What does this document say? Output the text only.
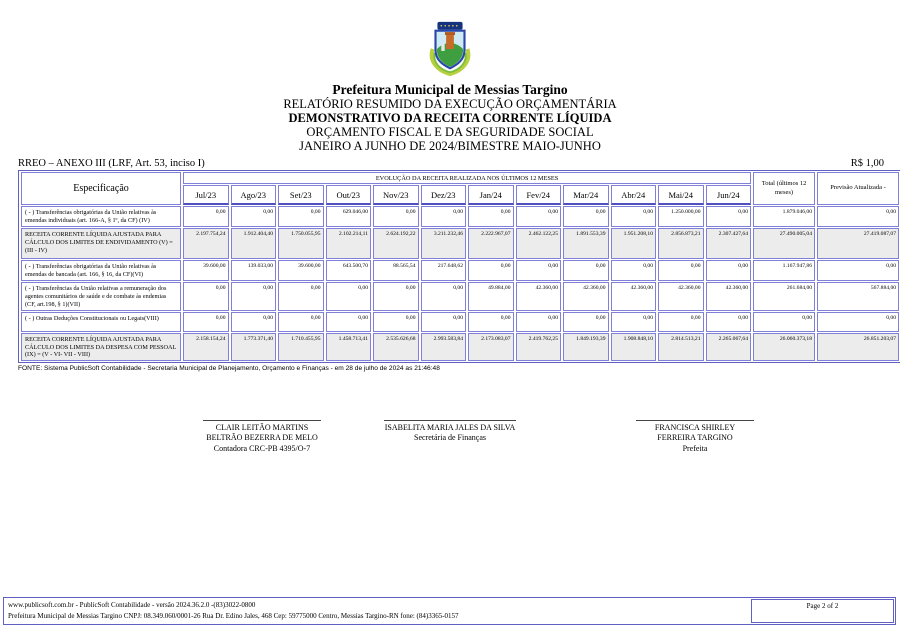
Prefeitura Municipal de Messias Targino
RELATÓRIO RESUMIDO DA EXECUÇÃO ORÇAMENTÁRIA
DEMONSTRATIVO DA RECEITA CORRENTE LÍQUIDA
ORÇAMENTO FISCAL E DA SEGURIDADE SOCIAL
JANEIRO A JUNHO DE 2024/BIMESTRE MAIO-JUNHO
RREO – ANEXO III (LRF, Art. 53, inciso I)	R$ 1,00
Especificação	EVOLUÇÃO DA RECEITA REALIZADA NOS ÚLTIMOS 12 MESES												Total (últimos 12 meses)	Previsão Atualizada -
	Jul/23	Ago/23	Set/23	Out/23	Nov/23	Dez/23	Jan/24	Fev/24	Mar/24	Abr/24	Mai/24	Jun/24		
( - ) Transferências obrigatórias da União relativas às emendas individuais (art. 166-A, § 1º, da CF) (IV)	0,00	0,00	0,00	629.046,00	0,00	0,00	0,00	0,00	0,00	0,00	1.250.000,00	0,00	1.879.046,00	0,00
RECEITA CORRENTE LÍQUIDA AJUSTADA PARA CÁLCULO DOS LIMITES DE ENDIVIDAMENTO (V) = (III - IV)	2.197.754,24	1.912.404,40	1.750.055,95	2.102.214,11	2.624.192,22	3.211.232,46	2.222.967,07	2.462.122,25	1.891.553,39	1.951.208,10	2.856.873,21	2.307.427,64	27.490.005,04	27.419.087,07
( - ) Transferências obrigatórias da União relativas às emendas de bancada (art. 166, § 16, da CF)(VI)	39.600,00	139.033,00	39.600,00	643.500,70	88.565,54	217.648,62	0,00	0,00	0,00	0,00	0,00	0,00	1.167.947,86	0,00
( - ) Transferências da União relativas a remuneração dos agentes comunitários de saúde e de combate às endemias (CF, art.198, § 1)(VII)	0,00	0,00	0,00	0,00	0,00	0,00	49.884,00	42.360,00	42.360,00	42.360,00	42.360,00	42.360,00	261.684,00	567.884,00
( - ) Outras Deduções Constitucionais ou Legais(VIII)	0,00	0,00	0,00	0,00	0,00	0,00	0,00	0,00	0,00	0,00	0,00	0,00	0,00	0,00
RECEITA CORRENTE LÍQUIDA AJUSTADA PARA CÁLCULO DOS LIMITES DA DESPESA COM PESSOAL (IX) = (V - VI- VII - VIII)	2.158.154,24	1.773.371,40	1.710.455,95	1.458.713,41	2.535.626,68	2.993.583,84	2.173.083,07	2.419.762,25	1.849.193,39	1.908.848,10	2.814.513,21	2.265.067,64	26.060.373,18	26.851.203,07
FONTE: Sistema PublicSoft Contabilidade - Secretaria Municipal de Planejamento, Orçamento e Finanças - em 28 de julho de 2024 as 21:46:48
CLAIR LEITÃO MARTINS BELTRÃO BEZERRA DE MELO
Contadora CRC-PB 4395/O-7
ISABELITA MARIA JALES DA SILVA
Secretária de Finanças
FRANCISCA SHIRLEY FERREIRA TARGINO
Prefeita
www.publicsoft.com.br - PublicSoft Contabilidade - versão 2024.36.2.0 -(83)3022-0800
Prefeitura Municipal de Messias Targino CNPJ: 08.349.060/0001-26 Rua Dr. Edino Jales, 468 Cep: 59775000 Centro, Messias Targino-RN fone: (84)3365-0157
Page 2 of 2
